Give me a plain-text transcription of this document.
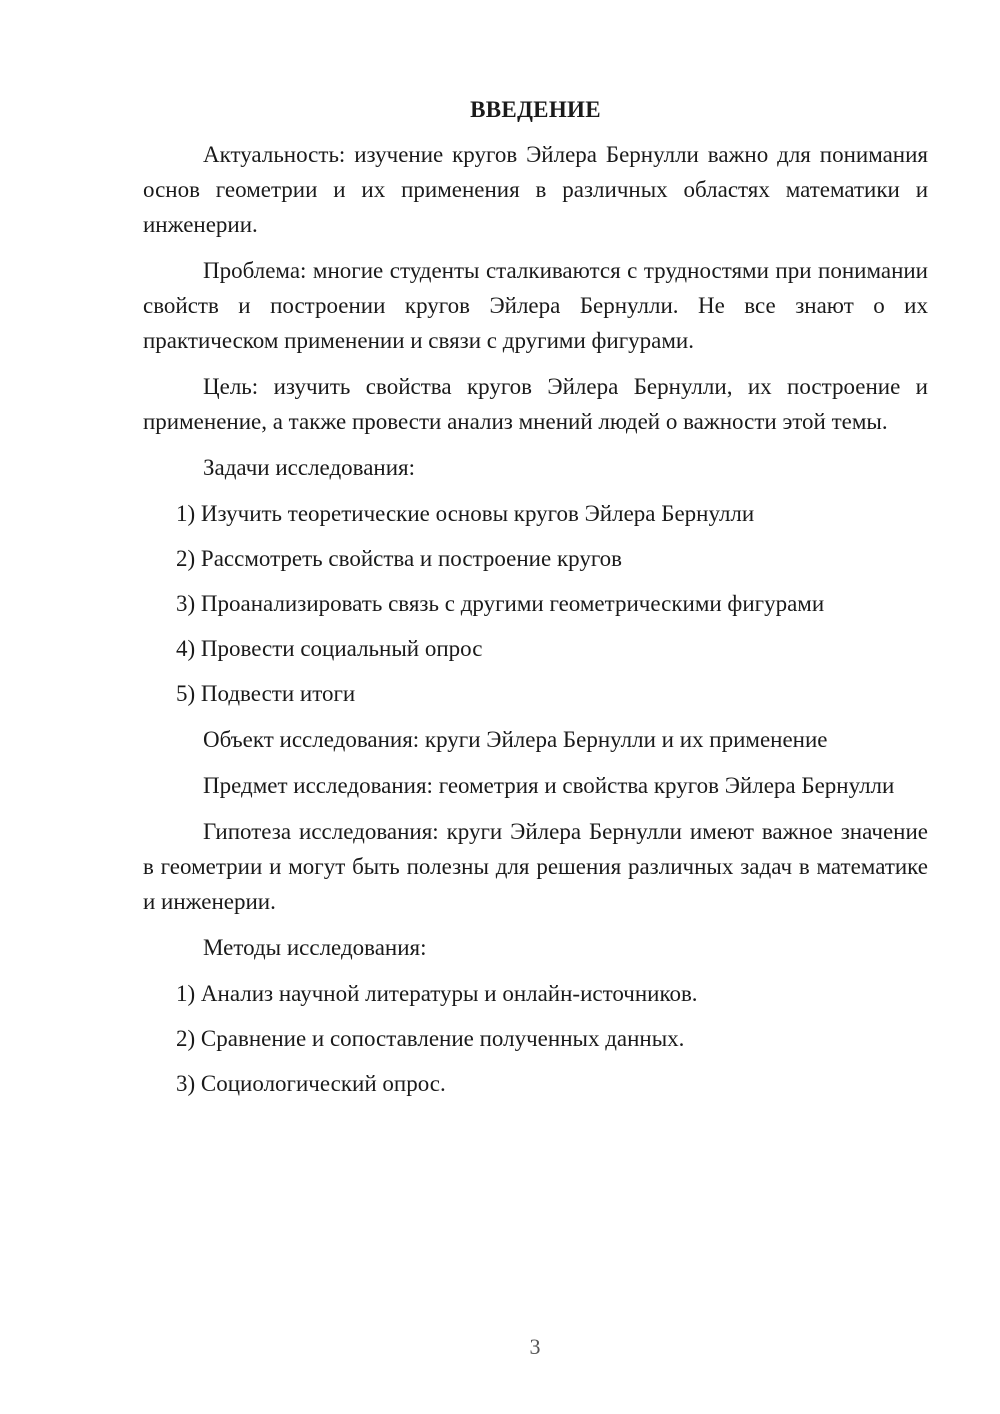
ВВЕДЕНИЕ

Актуальность: изучение кругов Эйлера Бернулли важно для понимания основ геометрии и их применения в различных областях математики и инженерии.

Проблема: многие студенты сталкиваются с трудностями при понимании свойств и построении кругов Эйлера Бернулли. Не все знают о их практическом применении и связи с другими фигурами.

Цель: изучить свойства кругов Эйлера Бернулли, их построение и применение, а также провести анализ мнений людей о важности этой темы.

Задачи исследования:

1) Изучить теоретические основы кругов Эйлера Бернулли
2) Рассмотреть свойства и построение кругов
3) Проанализировать связь с другими геометрическими фигурами
4) Провести социальный опрос
5) Подвести итоги

Объект исследования: круги Эйлера Бернулли и их применение

Предмет исследования: геометрия и свойства кругов Эйлера Бернулли

Гипотеза исследования: круги Эйлера Бернулли имеют важное значение в геометрии и могут быть полезны для решения различных задач в математике и инженерии.

Методы исследования:

1) Анализ научной литературы и онлайн-источников.
2) Сравнение и сопоставление полученных данных.
3) Социологический опрос.
3
